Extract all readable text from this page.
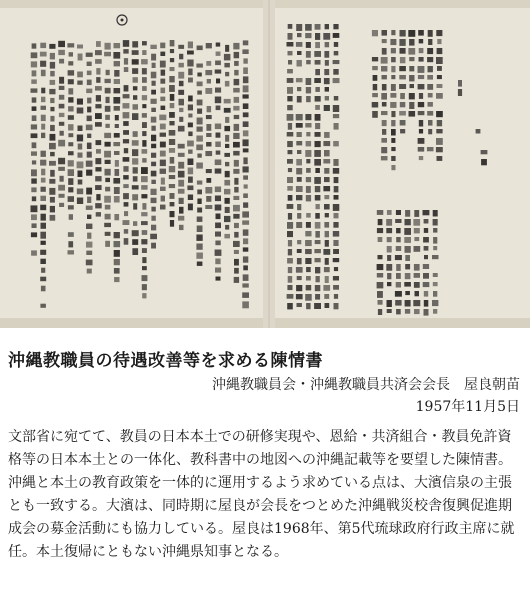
沖縄教職員の待遇改善等を求める陳情書
沖縄教職員会・沖縄教職員共済会会長　屋良朝苗
1957年11月5日

文部省に宛てて、教員の日本本土での研修実現や、恩給・共済組合・教員免許資格等の日本本土との一体化、教科書中の地図への沖縄記載等を要望した陳情書。沖縄と本土の教育政策を一体的に運用するよう求めている点は、大濱信泉の主張とも一致する。大濱は、同時期に屋良が会長をつとめた沖縄戦災校舎復興促進期成会の募金活動にも協力している。屋良は1968年、第5代琉球政府行政主席に就任。本土復帰にともない沖縄県知事となる。
